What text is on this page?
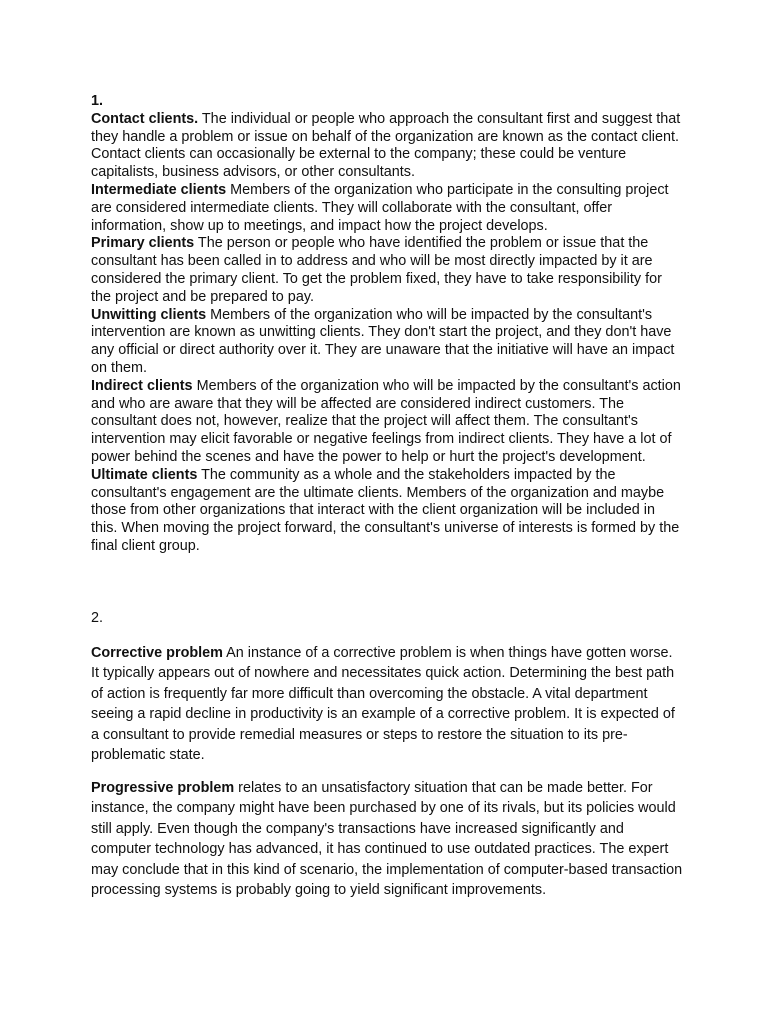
1.

Contact clients. The individual or people who approach the consultant first and suggest that they handle a problem or issue on behalf of the organization are known as the contact client. Contact clients can occasionally be external to the company; these could be venture capitalists, business advisors, or other consultants.

Intermediate clients Members of the organization who participate in the consulting project are considered intermediate clients. They will collaborate with the consultant, offer information, show up to meetings, and impact how the project develops.

Primary clients The person or people who have identified the problem or issue that the consultant has been called in to address and who will be most directly impacted by it are considered the primary client. To get the problem fixed, they have to take responsibility for the project and be prepared to pay.

Unwitting clients Members of the organization who will be impacted by the consultant's intervention are known as unwitting clients. They don't start the project, and they don't have any official or direct authority over it. They are unaware that the initiative will have an impact on them.

Indirect clients Members of the organization who will be impacted by the consultant's action and who are aware that they will be affected are considered indirect customers. The consultant does not, however, realize that the project will affect them. The consultant's intervention may elicit favorable or negative feelings from indirect clients. They have a lot of power behind the scenes and have the power to help or hurt the project's development.

Ultimate clients The community as a whole and the stakeholders impacted by the consultant's engagement are the ultimate clients. Members of the organization and maybe those from other organizations that interact with the client organization will be included in this. When moving the project forward, the consultant's universe of interests is formed by the final client group.

2.

Corrective problem An instance of a corrective problem is when things have gotten worse. It typically appears out of nowhere and necessitates quick action. Determining the best path of action is frequently far more difficult than overcoming the obstacle. A vital department seeing a rapid decline in productivity is an example of a corrective problem. It is expected of a consultant to provide remedial measures or steps to restore the situation to its pre-problematic state.

Progressive problem relates to an unsatisfactory situation that can be made better. For instance, the company might have been purchased by one of its rivals, but its policies would still apply. Even though the company's transactions have increased significantly and computer technology has advanced, it has continued to use outdated practices. The expert may conclude that in this kind of scenario, the implementation of computer-based transaction processing systems is probably going to yield significant improvements.
